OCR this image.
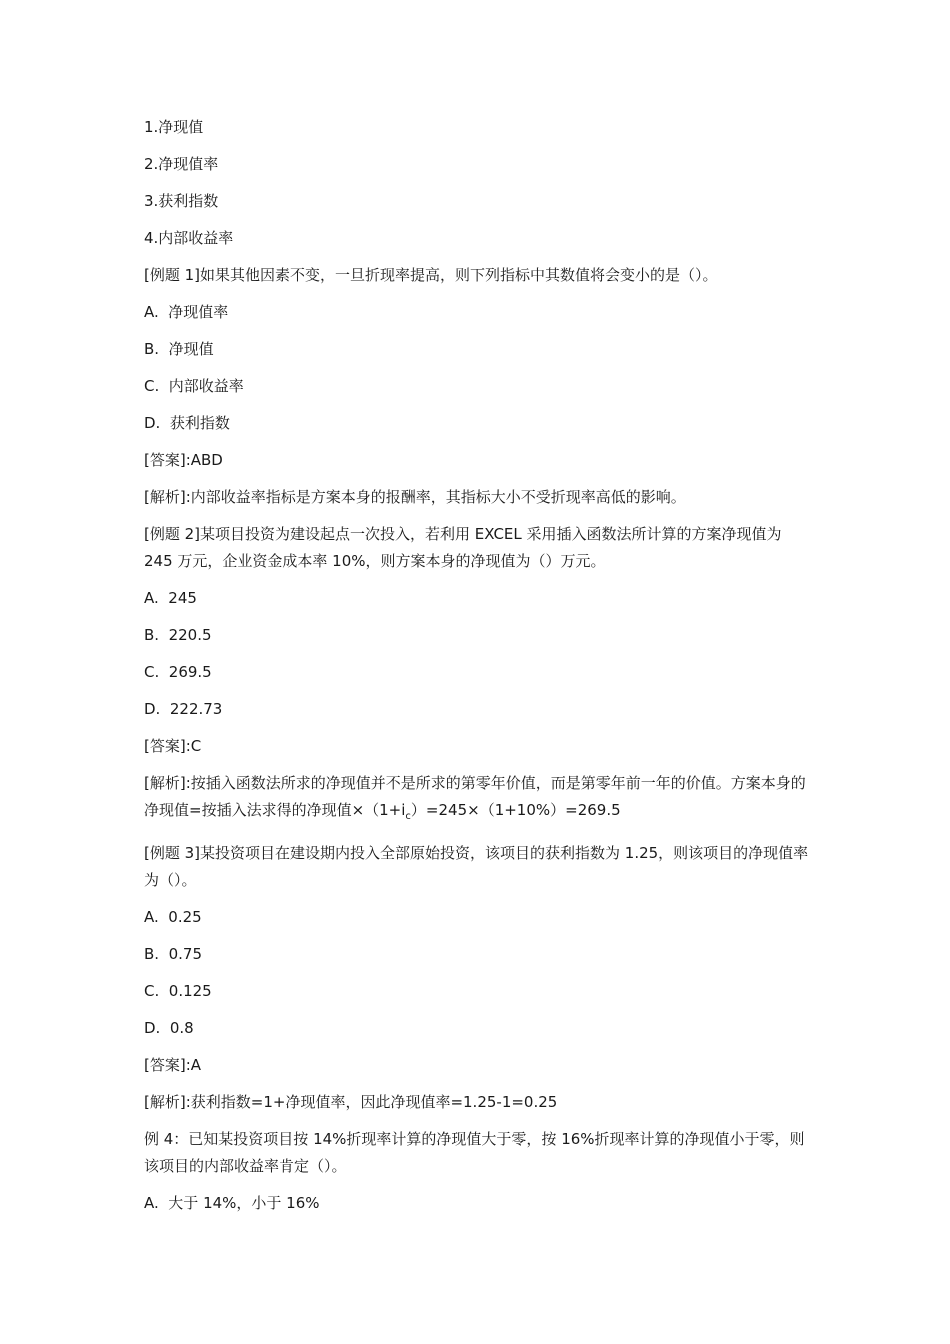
1.净现值

2.净现值率

3.获利指数

4.内部收益率

[例题 1]如果其他因素不变，一旦折现率提高，则下列指标中其数值将会变小的是（）。

A.  净现值率

B.  净现值

C.  内部收益率

D.  获利指数

[答案]:ABD

[解析]:内部收益率指标是方案本身的报酬率，其指标大小不受折现率高低的影响。

[例题 2]某项目投资为建设起点一次投入，若利用 EXCEL 采用插入函数法所计算的方案净现值为 245 万元，企业资金成本率 10%，则方案本身的净现值为（）万元。

A.  245

B.  220.5

C.  269.5

D.  222.73

[答案]:C

[解析]:按插入函数法所求的净现值并不是所求的第零年价值，而是第零年前一年的价值。方案本身的净现值=按插入法求得的净现值$\times(1+i_c)=245\times(1+10\%)=269.5$

[例题 3]某投资项目在建设期内投入全部原始投资，该项目的获利指数为 1.25，则该项目的净现值率为（）。

A.  0.25

B.  0.75

C.  0.125

D.  0.8

[答案]:A

[解析]:获利指数=1+净现值率，因此净现值率=1.25-1=0.25

例 4：已知某投资项目按 14%折现率计算的净现值大于零，按 16%折现率计算的净现值小于零，则该项目的内部收益率肯定（）。

A.  大于 14%，小于 16%
